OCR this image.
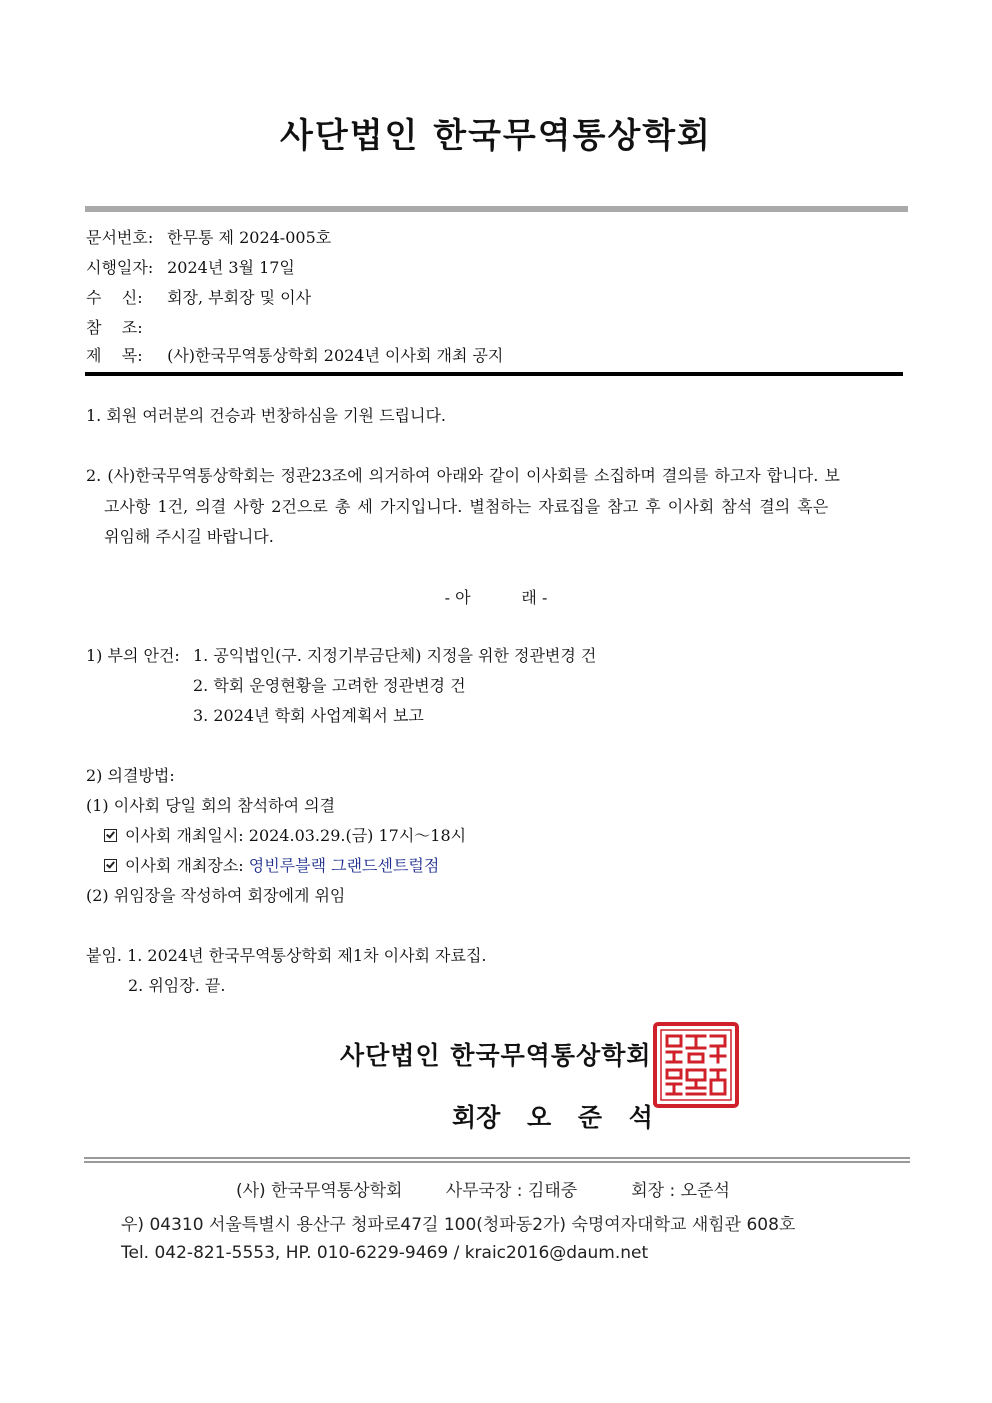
사단법인 한국무역통상학회
문서번호: 한무통 제 2024-005호
시행일자: 2024년 3월 17일
수    신: 회장, 부회장 및 이사
참    조:
제    목: (사)한국무역통상학회 2024년 이사회 개최 공지
1. 회원 여러분의 건승과 번창하심을 기원 드립니다.
2. (사)한국무역통상학회는 정관23조에 의거하여 아래와 같이 이사회를 소집하며 결의를 하고자 합니다. 보
고사항 1건, 의결 사항 2건으로 총 세 가지입니다. 별첨하는 자료집을 참고 후 이사회 참석 결의 혹은
위임해 주시길 바랍니다.
- 아          래 -
1) 부의 안건: 1. 공익법인(구. 지정기부금단체) 지정을 위한 정관변경 건
2. 학회 운영현황을 고려한 정관변경 건
3. 2024년 학회 사업계획서 보고
2) 의결방법:
(1) 이사회 당일 회의 참석하여 의결
이사회 개최일시: 2024.03.29.(금) 17시～18시
이사회 개최장소: 영빈루블랙 그랜드센트럴점
(2) 위임장을 작성하여 회장에게 위임
붙임. 1. 2024년 한국무역통상학회 제1차 이사회 자료집.
2. 위임장. 끝.
사단법인 한국무역통상학회
회장 오 준 석
(사) 한국무역통상학회        사무국장 : 김태중          회장 : 오준석
우) 04310 서울특별시 용산구 청파로47길 100(청파동2가) 숙명여자대학교 새힘관 608호
Tel. 042-821-5553, HP. 010-6229-9469 / kraic2016@daum.net
